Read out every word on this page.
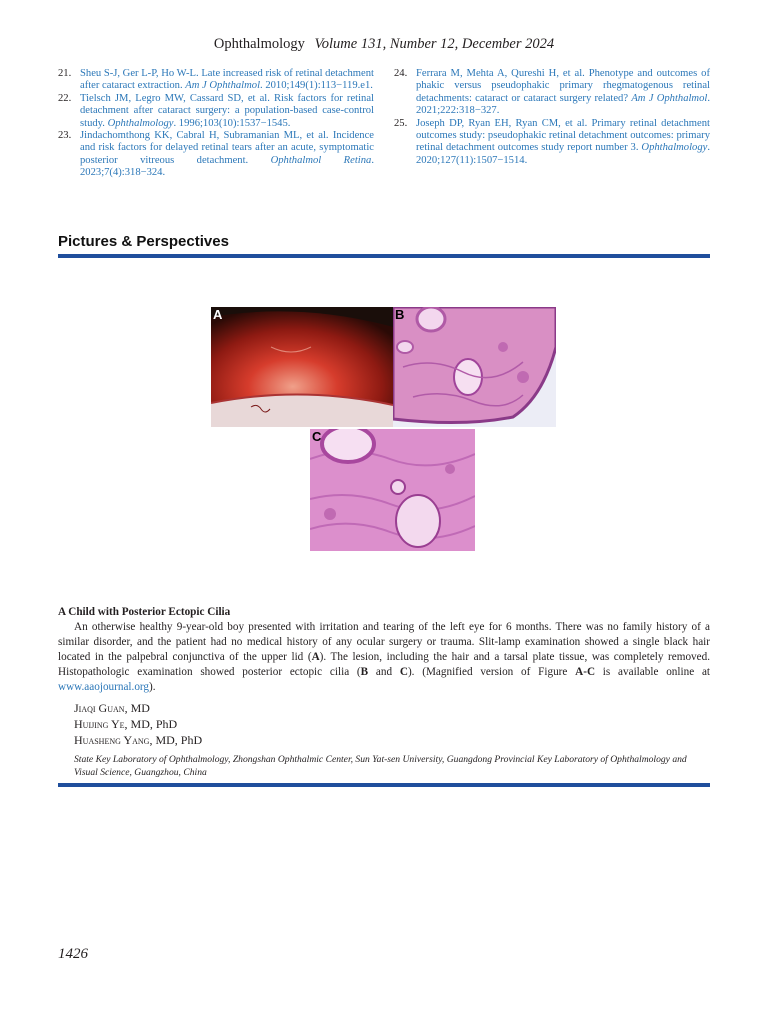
Ophthalmology Volume 131, Number 12, December 2024
21. Sheu S-J, Ger L-P, Ho W-L. Late increased risk of retinal detachment after cataract extraction. Am J Ophthalmol. 2010;149(1):113−119.e1.
22. Tielsch JM, Legro MW, Cassard SD, et al. Risk factors for retinal detachment after cataract surgery: a population-based case-control study. Ophthalmology. 1996;103(10):1537−1545.
23. Jindachomthong KK, Cabral H, Subramanian ML, et al. Incidence and risk factors for delayed retinal tears after an acute, symptomatic posterior vitreous detachment. Ophthalmol Retina. 2023;7(4):318−324.
24. Ferrara M, Mehta A, Qureshi H, et al. Phenotype and outcomes of phakic versus pseudophakic primary rhegmatogenous retinal detachments: cataract or cataract surgery related? Am J Ophthalmol. 2021;222:318−327.
25. Joseph DP, Ryan EH, Ryan CM, et al. Primary retinal detachment outcomes study: pseudophakic retinal detachment outcomes: primary retinal detachment outcomes study report number 3. Ophthalmology. 2020;127(11):1507−1514.
Pictures & Perspectives
A	B
C
A Child with Posterior Ectopic Cilia
An otherwise healthy 9-year-old boy presented with irritation and tearing of the left eye for 6 months. There was no family history of a similar disorder, and the patient had no medical history of any ocular surgery or trauma. Slit-lamp examination showed a single black hair located in the palpebral conjunctiva of the upper lid (A). The lesion, including the hair and a tarsal plate tissue, was completely removed. Histopathologic examination showed posterior ectopic cilia (B and C). (Magnified version of Figure A-C is available online at www.aaojournal.org).
Jiaqi Guan, MD
Huijing Ye, MD, PhD
Huasheng Yang, MD, PhD
State Key Laboratory of Ophthalmology, Zhongshan Ophthalmic Center, Sun Yat-sen University, Guangdong Provincial Key Laboratory of Ophthalmology and Visual Science, Guangzhou, China
1426
